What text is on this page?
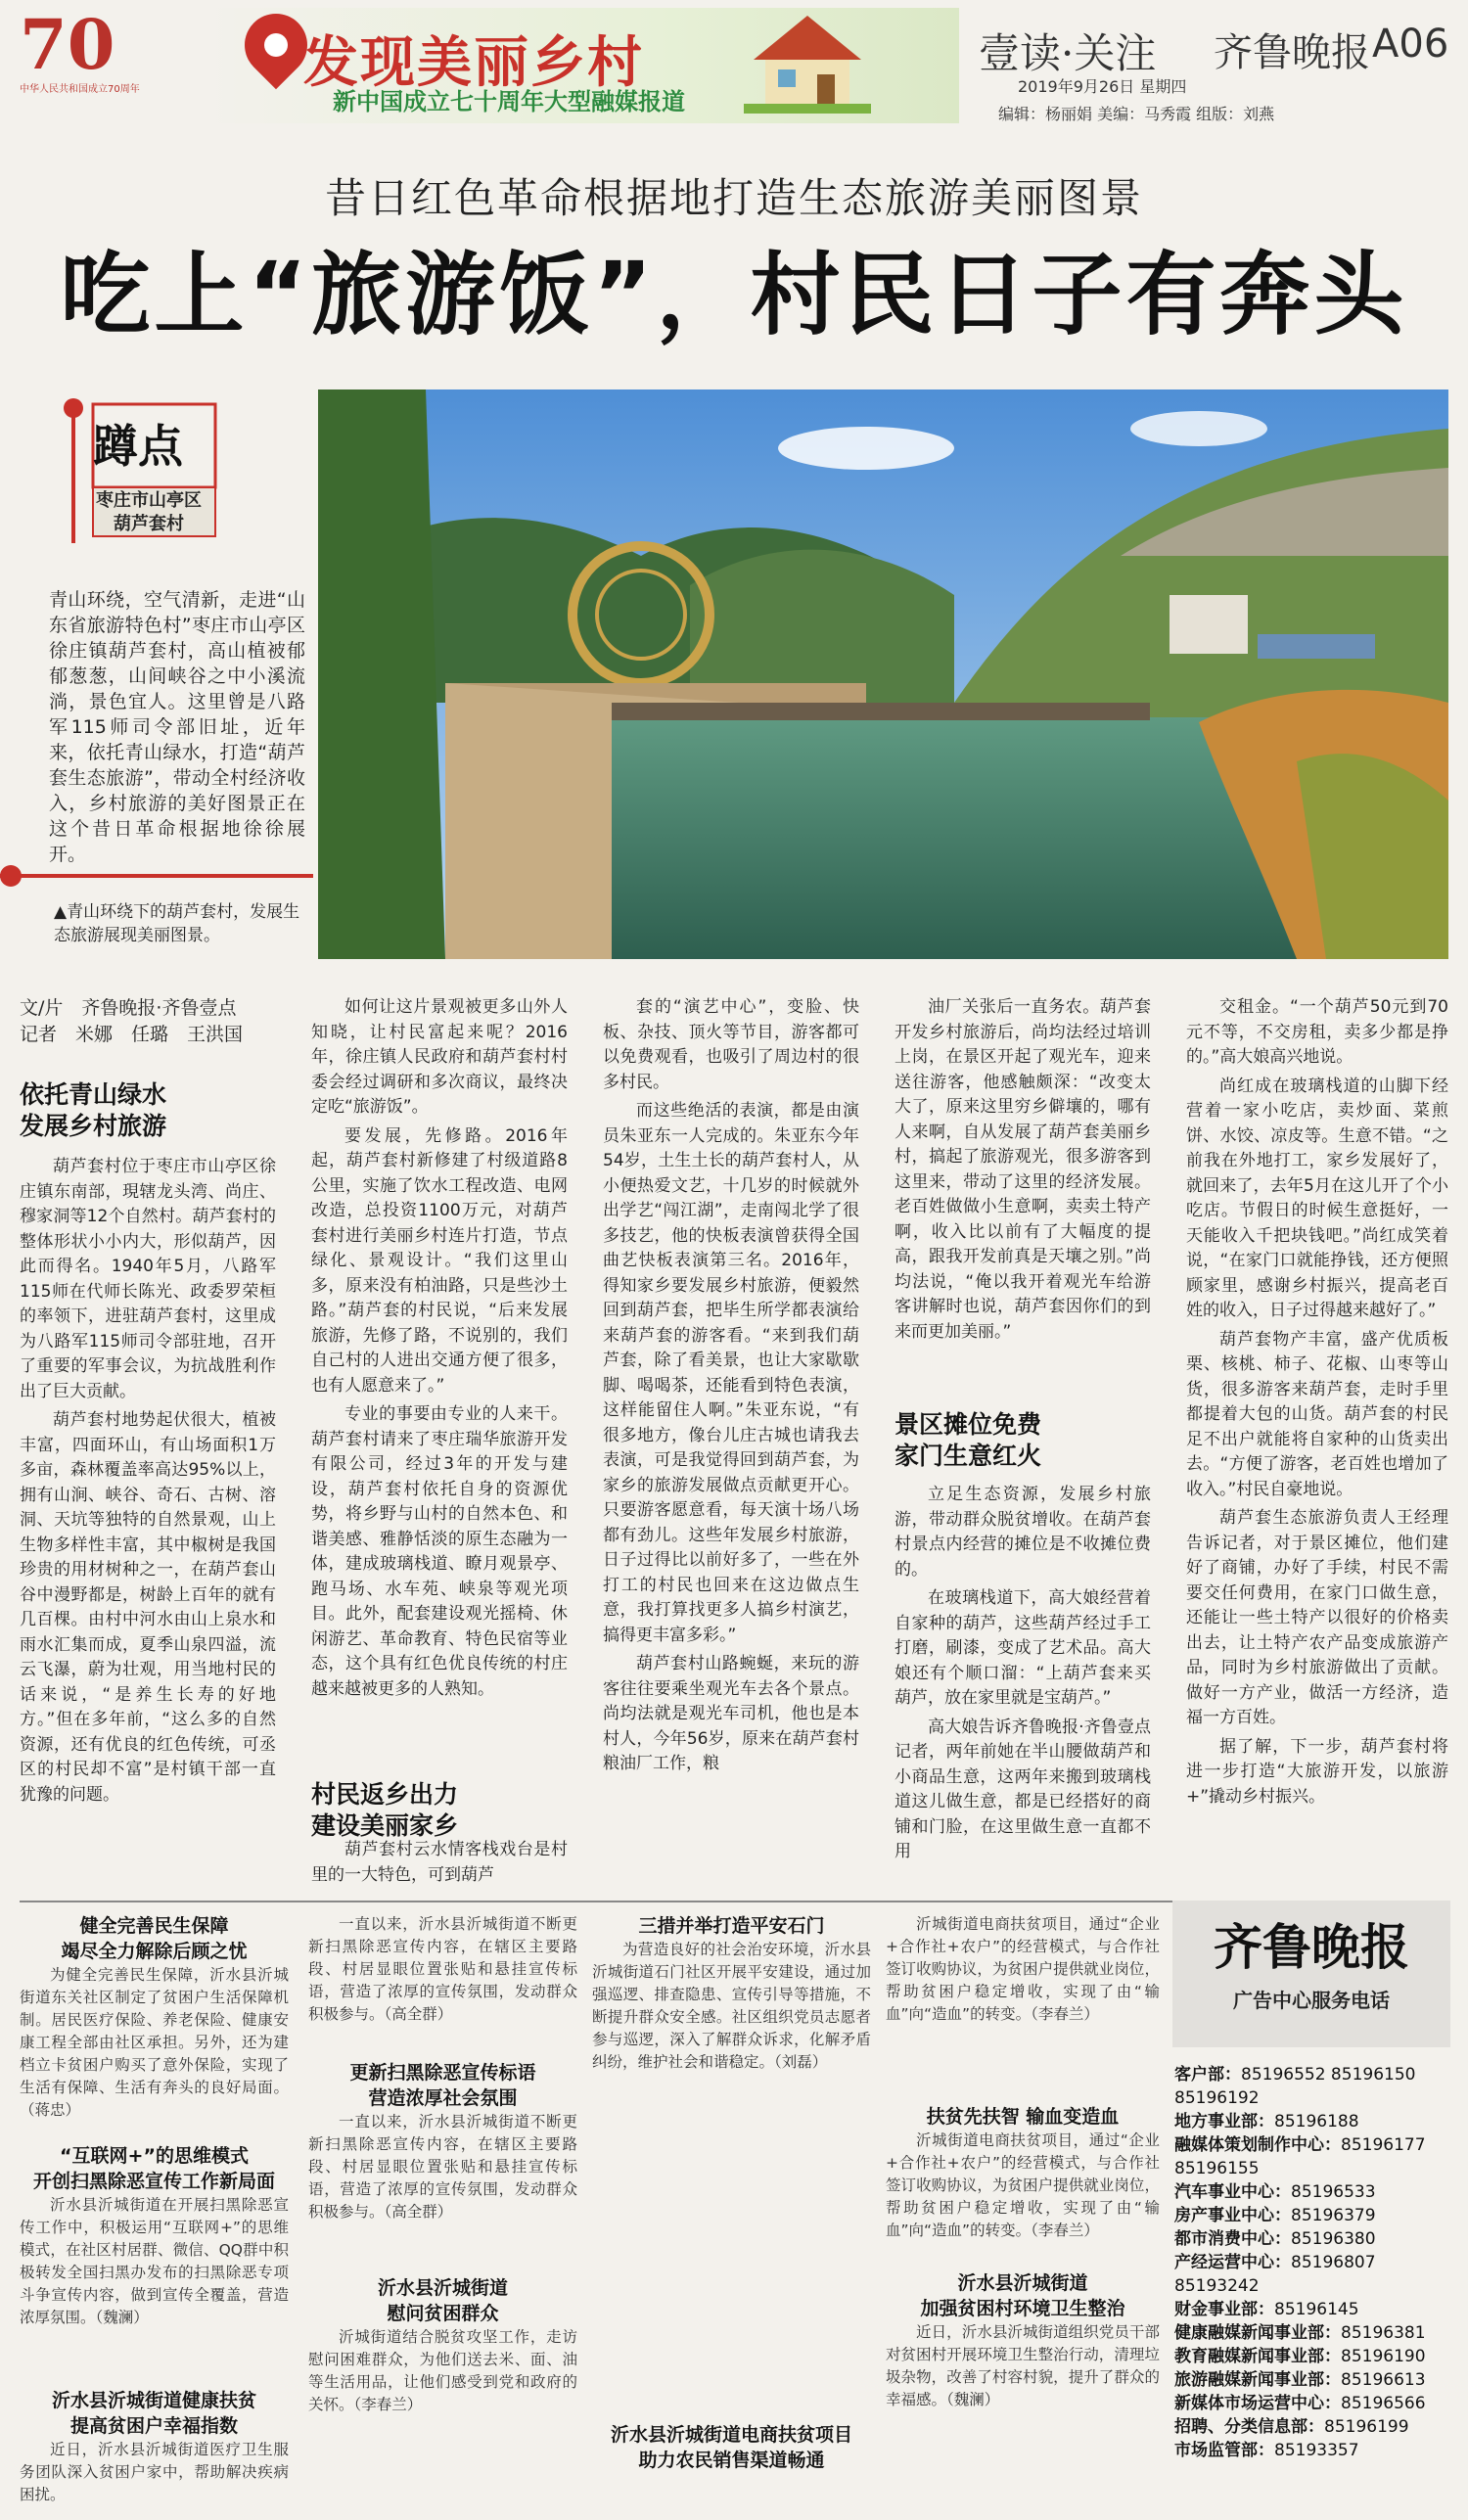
70
中华人民共和国成立70周年	发现美丽乡村
新中国成立七十周年大型融媒报道
壹读·关注 齐鲁晚报 A06
2019年9月26日 星期四
编辑：杨丽娟 美编：马秀霞 组版：刘燕
昔日红色革命根据地打造生态旅游美丽图景
吃上“旅游饭”，村民日子有奔头
蹲点
枣庄市山亭区
葫芦套村
青山环绕，空气清新，走进“山东省旅游特色村”枣庄市山亭区徐庄镇葫芦套村，高山植被郁郁葱葱，山间峡谷之中小溪流淌，景色宜人。这里曾是八路军115师司令部旧址，近年来，依托青山绿水，打造“葫芦套生态旅游”，带动全村经济收入，乡村旅游的美好图景正在这个昔日革命根据地徐徐展开。
▲青山环绕下的葫芦套村，发展生态旅游展现美丽图景。
文/片　齐鲁晚报·齐鲁壹点
记者　米娜　任璐　王洪国
依托青山绿水
发展乡村旅游

葫芦套村位于枣庄市山亭区徐庄镇东南部，現辖龙头湾、尚庄、穆家洞等12个自然村。葫芦套村的整体形状小小内大，形似葫芦，因此而得名。1940年5月，八路军115师在代师长陈光、政委罗荣桓的率领下，进驻葫芦套村，这里成为八路军115师司令部驻地，召开了重要的军事会议，为抗战胜利作出了巨大贡献。

葫芦套村地势起伏很大，植被丰富，四面环山，有山场面积1万多亩，森林覆盖率高达95%以上，拥有山涧、峡谷、奇石、古树、溶洞、天坑等独特的自然景观，山上生物多样性丰富，其中椒树是我国珍贵的用材树种之一，在葫芦套山谷中漫野都是，树龄上百年的就有几百棵。由村中河水由山上泉水和雨水汇集而成，夏季山泉四溢，流云飞瀑，蔚为壮观，用当地村民的话来说，“是养生长寿的好地方。”但在多年前，“这么多的自然资源，还有优良的红色传统，可丞区的村民却不富”是村镇干部一直犹豫的问题。

如何让这片景观被更多山外人知晓，让村民富起来呢？2016年，徐庄镇人民政府和葫芦套村村委会经过调研和多次商议，最终决定吃“旅游饭”。

要发展，先修路。2016年起，葫芦套村新修建了村级道路8公里，实施了饮水工程改造、电网改造，总投资1100万元，对葫芦套村进行美丽乡村连片打造，节点绿化、景观设计。“我们这里山多，原来没有柏油路，只是些沙土路。”葫芦套的村民说，“后来发展旅游，先修了路，不说别的，我们自己村的人进出交通方便了很多，也有人愿意来了。”

专业的事要由专业的人来干。葫芦套村请来了枣庄瑞华旅游开发有限公司，经过3年的开发与建设，葫芦套村依托自身的资源优势，将乡野与山村的自然本色、和谐美感、雅静恬淡的原生态融为一体，建成玻璃栈道、瞭月观景亭、跑马场、水车苑、峡泉等观光项目。此外，配套建设观光摇椅、休闲游艺、革命教育、特色民宿等业态，这个具有红色优良传统的村庄越来越被更多的人熟知。

村民返乡出力
建设美丽家乡

葫芦套村云水情客栈戏台是村里的一大特色，可到葫芦

套的“演艺中心”，变脸、快板、杂技、顶火等节目，游客都可以免费观看，也吸引了周边村的很多村民。

而这些绝活的表演，都是由演员朱亚东一人完成的。朱亚东今年54岁，土生土长的葫芦套村人，从小便热爱文艺，十几岁的时候就外出学艺“闯江湖”，走南闯北学了很多技艺，他的快板表演曾获得全国曲艺快板表演第三名。2016年，得知家乡要发展乡村旅游，便毅然回到葫芦套，把毕生所学都表演给来葫芦套的游客看。“来到我们葫芦套，除了看美景，也让大家歇歇脚、喝喝茶，还能看到特色表演，这样能留住人啊。”朱亚东说，“有很多地方，像台儿庄古城也请我去表演，可是我觉得回到葫芦套，为家乡的旅游发展做点贡献更开心。只要游客愿意看，每天演十场八场都有劲儿。这些年发展乡村旅游，日子过得比以前好多了，一些在外打工的村民也回来在这边做点生意，我打算找更多人搞乡村演艺，搞得更丰富多彩。”

葫芦套村山路蜿蜒，来玩的游客往往要乘坐观光车去各个景点。尚均法就是观光车司机，他也是本村人，今年56岁，原来在葫芦套村粮油厂工作，粮

油厂关张后一直务农。葫芦套开发乡村旅游后，尚均法经过培训上岗，在景区开起了观光车，迎来送往游客，他感触颇深：“改变太大了，原来这里穷乡僻壤的，哪有人来啊，自从发展了葫芦套美丽乡村，搞起了旅游观光，很多游客到这里来，带动了这里的经济发展。老百姓做做小生意啊，卖卖土特产啊，收入比以前有了大幅度的提高，跟我开发前真是天壤之别。”尚均法说，“俺以我开着观光车给游客讲解时也说，葫芦套因你们的到来而更加美丽。”

景区摊位免费
家门生意红火

立足生态资源，发展乡村旅游，带动群众脱贫增收。在葫芦套村景点内经营的摊位是不收摊位费的。

在玻璃栈道下，高大娘经营着自家种的葫芦，这些葫芦经过手工打磨，刷漆，变成了艺术品。高大娘还有个顺口溜：“上葫芦套来买葫芦，放在家里就是宝葫芦。”

高大娘告诉齐鲁晚报·齐鲁壹点记者，两年前她在半山腰做葫芦和小商品生意，这两年来搬到玻璃栈道这儿做生意，都是已经搭好的商铺和门脸，在这里做生意一直都不用

交租金。“一个葫芦50元到70元不等，不交房租，卖多少都是挣的。”高大娘高兴地说。

尚红成在玻璃栈道的山脚下经营着一家小吃店，卖炒面、菜煎饼、水饺、凉皮等。生意不错。“之前我在外地打工，家乡发展好了，就回来了，去年5月在这儿开了个小吃店。节假日的时候生意挺好，一天能收入千把块钱吧。”尚红成笑着说，“在家门口就能挣钱，还方便照顾家里，感谢乡村振兴，提高老百姓的收入，日子过得越来越好了。”

葫芦套物产丰富，盛产优质板栗、核桃、柿子、花椒、山枣等山货，很多游客来葫芦套，走时手里都提着大包的山货。葫芦套的村民足不出户就能将自家种的山货卖出去。“方便了游客，老百姓也增加了收入。”村民自豪地说。

葫芦套生态旅游负责人王经理告诉记者，对于景区摊位，他们建好了商铺，办好了手续，村民不需要交任何费用，在家门口做生意，还能让一些土特产以很好的价格卖出去，让土特产农产品变成旅游产品，同时为乡村旅游做出了贡献。做好一方产业，做活一方经济，造福一方百姓。

据了解，下一步，葫芦套村将进一步打造“大旅游开发，以旅游+”撬动乡村振兴。

健全完善民生保障
竭尽全力解除后顾之忧

为健全完善民生保障，沂水县沂城街道东关社区制定了贫困户生活保障机制。居民医疗保险、养老保险、健康安康工程全部由社区承担。另外，还为建档立卡贫困户购买了意外保险，实现了生活有保障、生活有奔头的良好局面。（蒋忠）

“互联网+”的思维模式
开创扫黑除恶宣传工作新局面

沂水县沂城街道在开展扫黑除恶宣传工作中，积极运用“互联网+”的思维模式，在社区村居群、微信、QQ群中积极转发全国扫黑办发布的扫黑除恶专项斗争宣传内容，做到宣传全覆盖，营造浓厚氛围。（魏澜）

沂水县沂城街道健康扶贫
提高贫困户幸福指数

近日，沂水县沂城街道医疗卫生服务团队深入贫困户家中，帮助解决疾病困扰。

一直以来，沂水县沂城街道不断更新扫黑除恶宣传内容，在辖区主要路段、村居显眼位置张贴和悬挂宣传标语，营造了浓厚的宣传氛围，发动群众积极参与。（高全群）

更新扫黑除恶宣传标语
营造浓厚社会氛围

一直以来，沂水县沂城街道不断更新扫黑除恶宣传内容，在辖区主要路段、村居显眼位置张贴和悬挂宣传标语，营造了浓厚的宣传氛围，发动群众积极参与。（高全群）

沂水县沂城街道
慰问贫困群众

沂城街道结合脱贫攻坚工作，走访慰问困难群众，为他们送去米、面、油等生活用品，让他们感受到党和政府的关怀。（李春兰）

三措并举打造平安石门

为营造良好的社会治安环境，沂水县沂城街道石门社区开展平安建设，通过加强巡逻、排查隐患、宣传引导等措施，不断提升群众安全感。社区组织党员志愿者参与巡逻，深入了解群众诉求，化解矛盾纠纷，维护社会和谐稳定。（刘磊）

沂水县沂城街道电商扶贫项目
助力农民销售渠道畅通

沂城街道电商扶贫项目，通过“企业+合作社+农户”的经营模式，与合作社签订收购协议，为贫困户提供就业岗位，帮助贫困户稳定增收，实现了由“输血”向“造血”的转变。（李春兰）

扶贫先扶智 输血变造血

沂城街道电商扶贫项目，通过“企业+合作社+农户”的经营模式，与合作社签订收购协议，为贫困户提供就业岗位，帮助贫困户稳定增收，实现了由“输血”向“造血”的转变。（李春兰）

沂水县沂城街道
加强贫困村环境卫生整治

近日，沂水县沂城街道组织党员干部对贫困村开展环境卫生整治行动，清理垃圾杂物，改善了村容村貌，提升了群众的幸福感。（魏澜）

齐鲁晚报
广告中心服务电话
客户部：85196552 85196150 85196192
地方事业部：85196188
融媒体策划制作中心：85196177 85196155
汽车事业中心：85196533
房产事业中心：85196379
都市消费中心：85196380
产经运营中心：85196807 85193242
财金事业部：85196145
健康融媒新闻事业部：85196381
教育融媒新闻事业部：85196190
旅游融媒新闻事业部：85196613
新媒体市场运营中心：85196566
招聘、分类信息部：85196199
市场监管部：85193357
